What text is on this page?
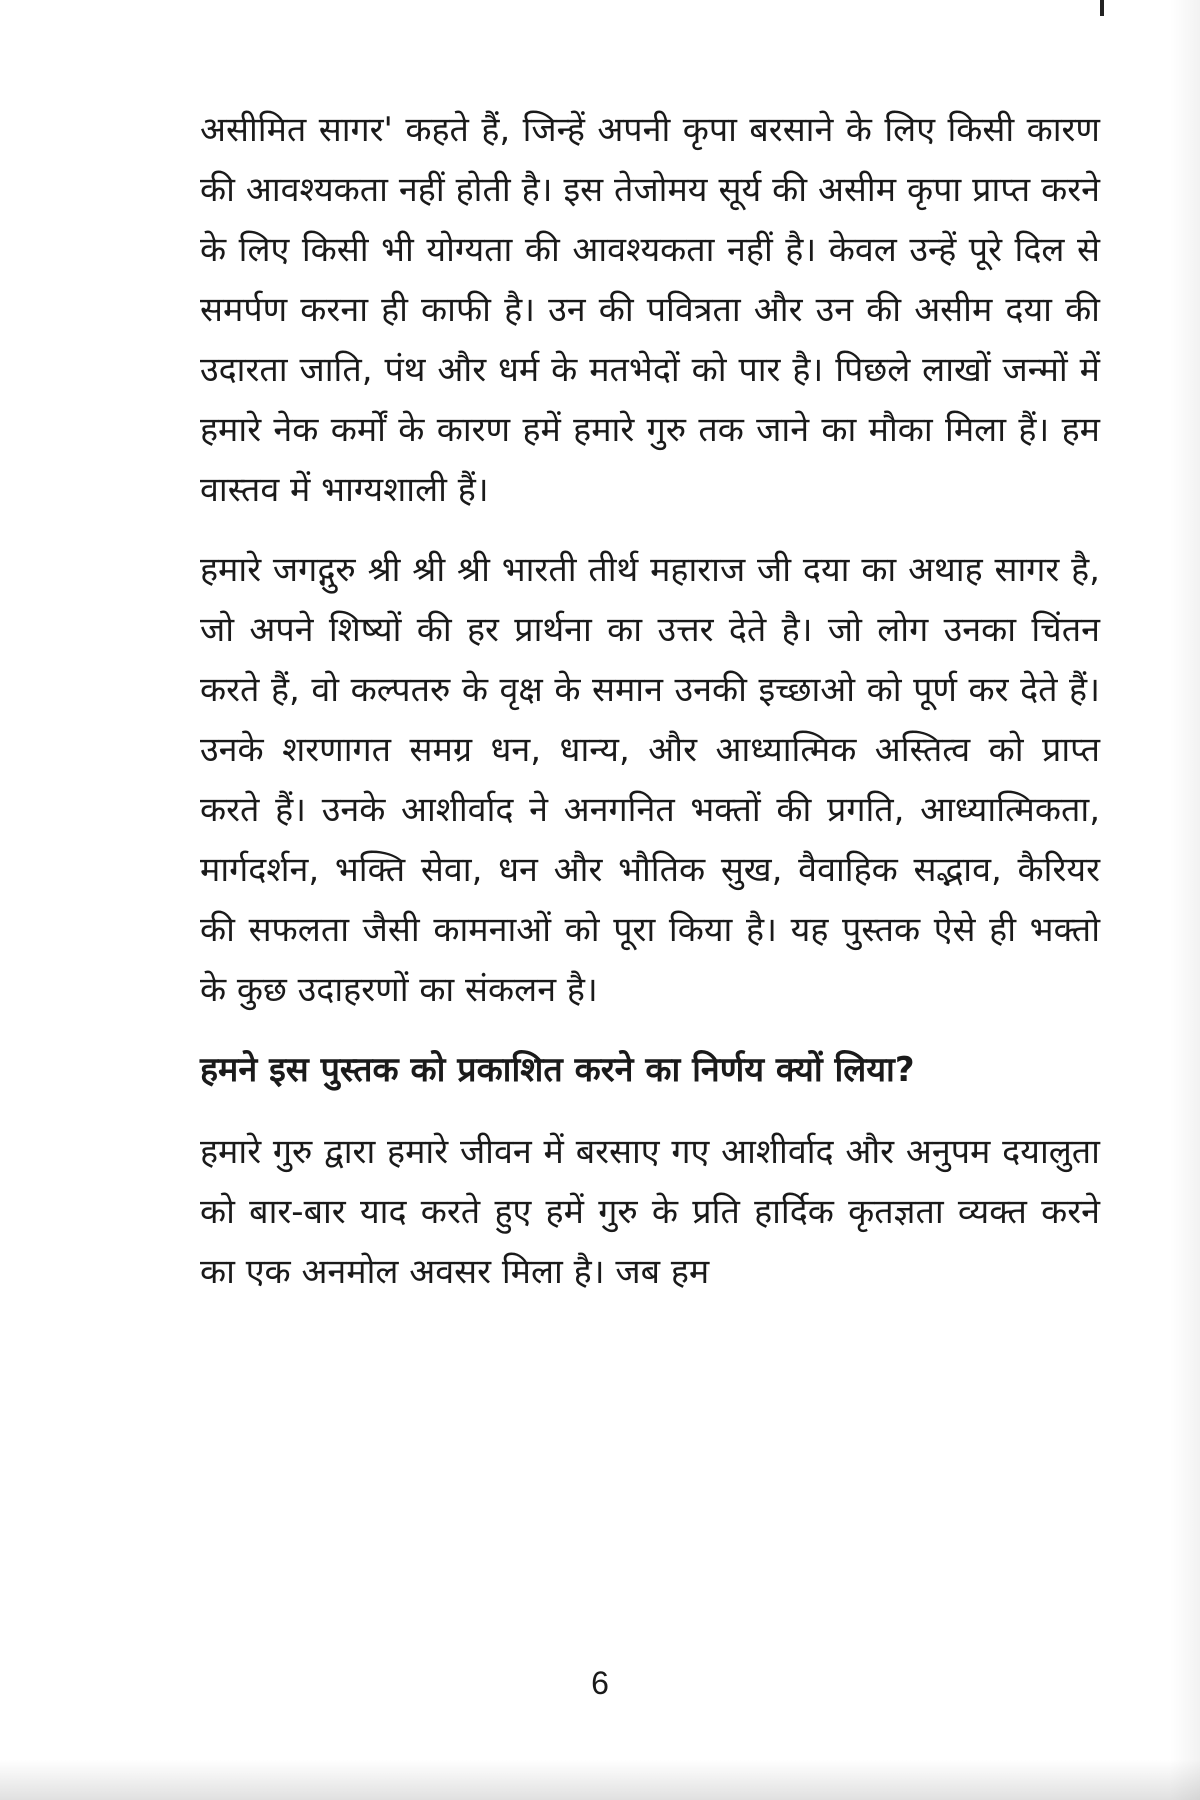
असीमित सागर' कहते हैं, जिन्हें अपनी कृपा बरसाने के लिए किसी कारण की आवश्यकता नहीं होती है। इस तेजोमय सूर्य की असीम कृपा प्राप्त करने के लिए किसी भी योग्यता की आवश्यकता नहीं है। केवल उन्हें पूरे दिल से समर्पण करना ही काफी है। उन की पवित्रता और उन की असीम दया की उदारता जाति, पंथ और धर्म के मतभेदों को पार है। पिछले लाखों जन्मों में हमारे नेक कर्मों के कारण हमें हमारे गुरु तक जाने का मौका मिला हैं। हम वास्तव में भाग्यशाली हैं।

हमारे जगद्गुरु श्री श्री श्री भारती तीर्थ महाराज जी दया का अथाह सागर है, जो अपने शिष्यों की हर प्रार्थना का उत्तर देते है। जो लोग उनका चिंतन करते हैं, वो कल्पतरु के वृक्ष के समान उनकी इच्छाओ को पूर्ण कर देते हैं। उनके शरणागत समग्र धन, धान्य, और आध्यात्मिक अस्तित्व को प्राप्त करते हैं। उनके आशीर्वाद ने अनगनित भक्तों की प्रगति, आध्यात्मिकता, मार्गदर्शन, भक्ति सेवा, धन और भौतिक सुख, वैवाहिक सद्भाव, कैरियर की सफलता जैसी कामनाओं को पूरा किया है। यह पुस्तक ऐसे ही भक्तो के कुछ उदाहरणों का संकलन है।

हमने इस पुस्तक को प्रकाशित करने का निर्णय क्यों लिया?

हमारे गुरु द्वारा हमारे जीवन में बरसाए गए आशीर्वाद और अनुपम दयालुता को बार-बार याद करते हुए हमें गुरु के प्रति हार्दिक कृतज्ञता व्यक्त करने का एक अनमोल अवसर मिला है। जब हम

6
